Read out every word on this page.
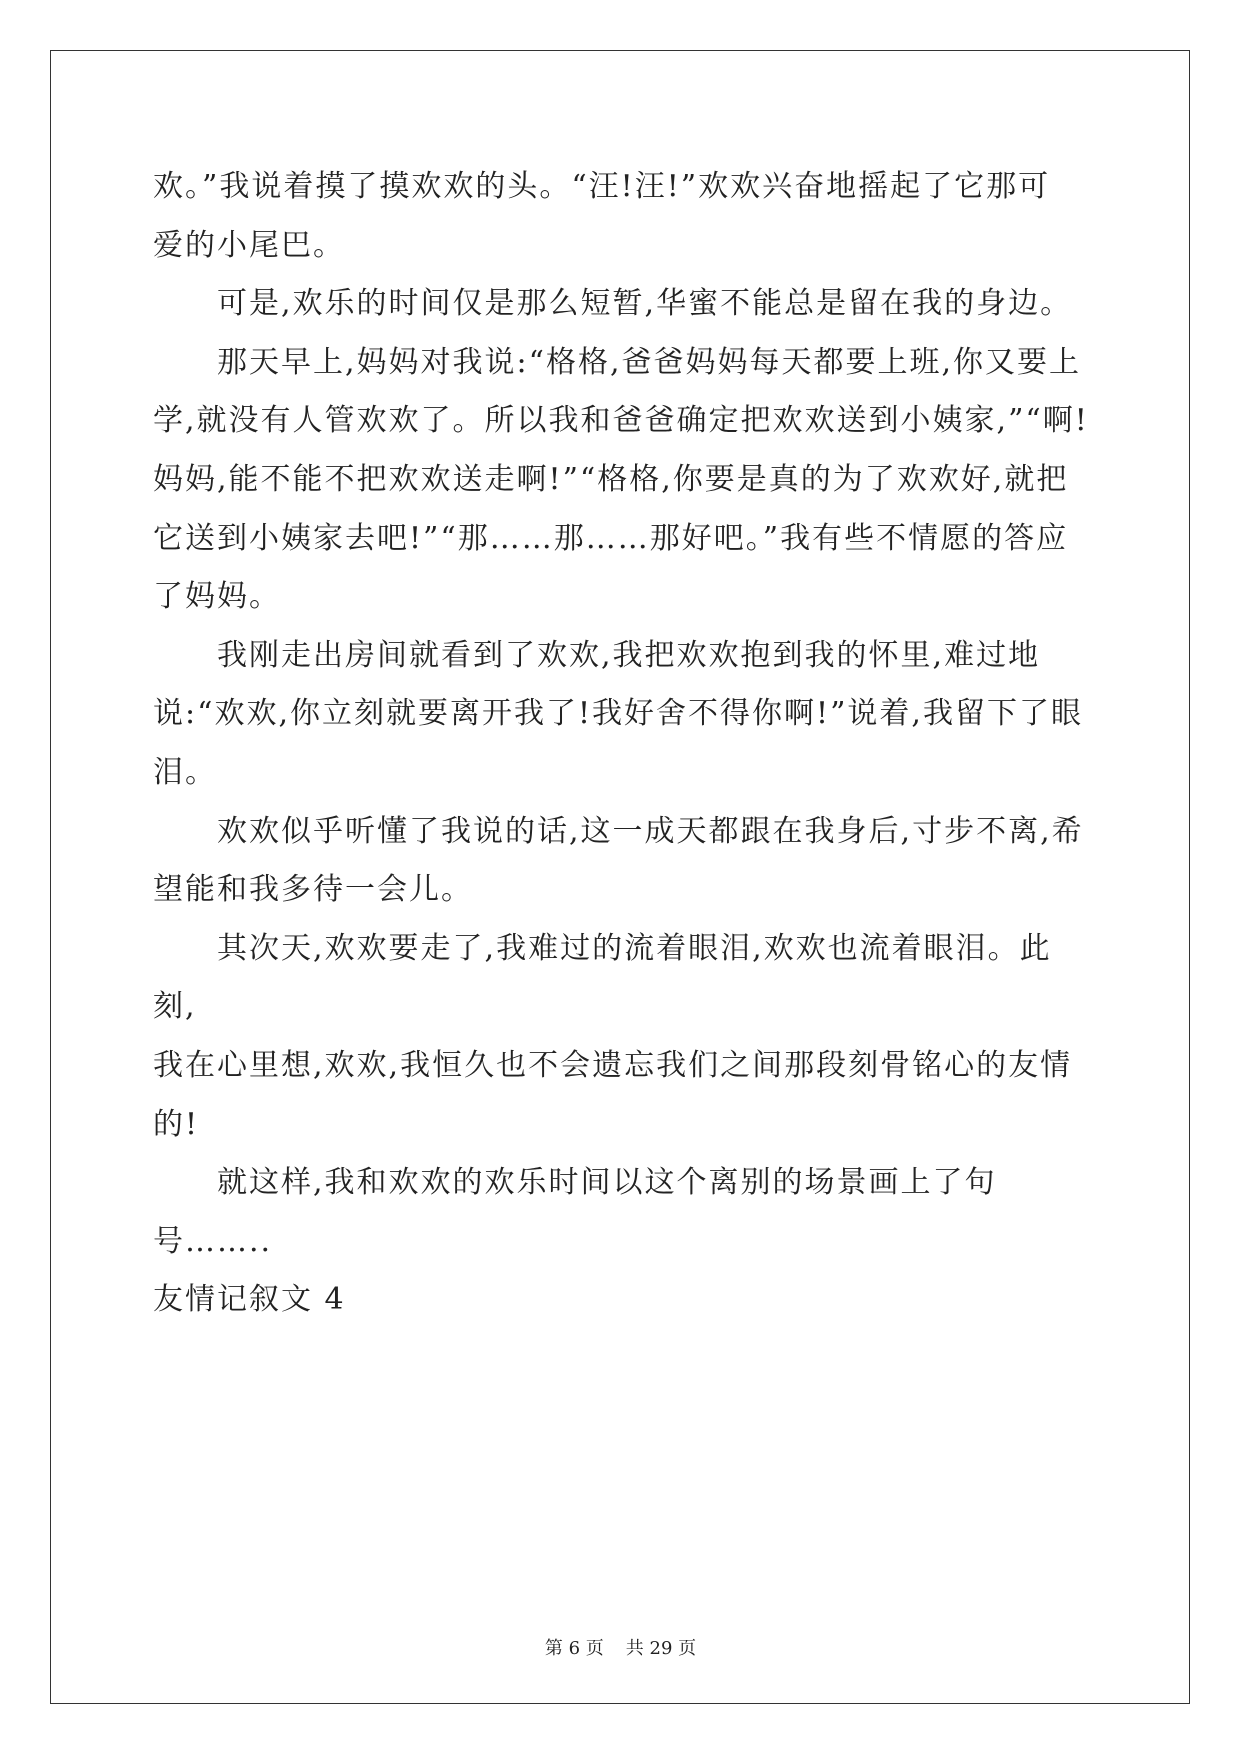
欢。”我说着摸了摸欢欢的头。“汪!汪!”欢欢兴奋地摇起了它那可
爱的小尾巴。

可是,欢乐的时间仅是那么短暂,华蜜不能总是留在我的身边。

那天早上,妈妈对我说:“格格,爸爸妈妈每天都要上班,你又要上
学,就没有人管欢欢了。所以我和爸爸确定把欢欢送到小姨家,”“啊!
妈妈,能不能不把欢欢送走啊!”“格格,你要是真的为了欢欢好,就把
它送到小姨家去吧!”“那……那……那好吧。”我有些不情愿的答应
了妈妈。

我刚走出房间就看到了欢欢,我把欢欢抱到我的怀里,难过地
说:“欢欢,你立刻就要离开我了!我好舍不得你啊!”说着,我留下了眼
泪。

欢欢似乎听懂了我说的话,这一成天都跟在我身后,寸步不离,希
望能和我多待一会儿。

其次天,欢欢要走了,我难过的流着眼泪,欢欢也流着眼泪。此刻,
我在心里想,欢欢,我恒久也不会遗忘我们之间那段刻骨铭心的友情的!

就这样,我和欢欢的欢乐时间以这个离别的场景画上了句号……..

友情记叙文 4

第 6 页 共 29 页
